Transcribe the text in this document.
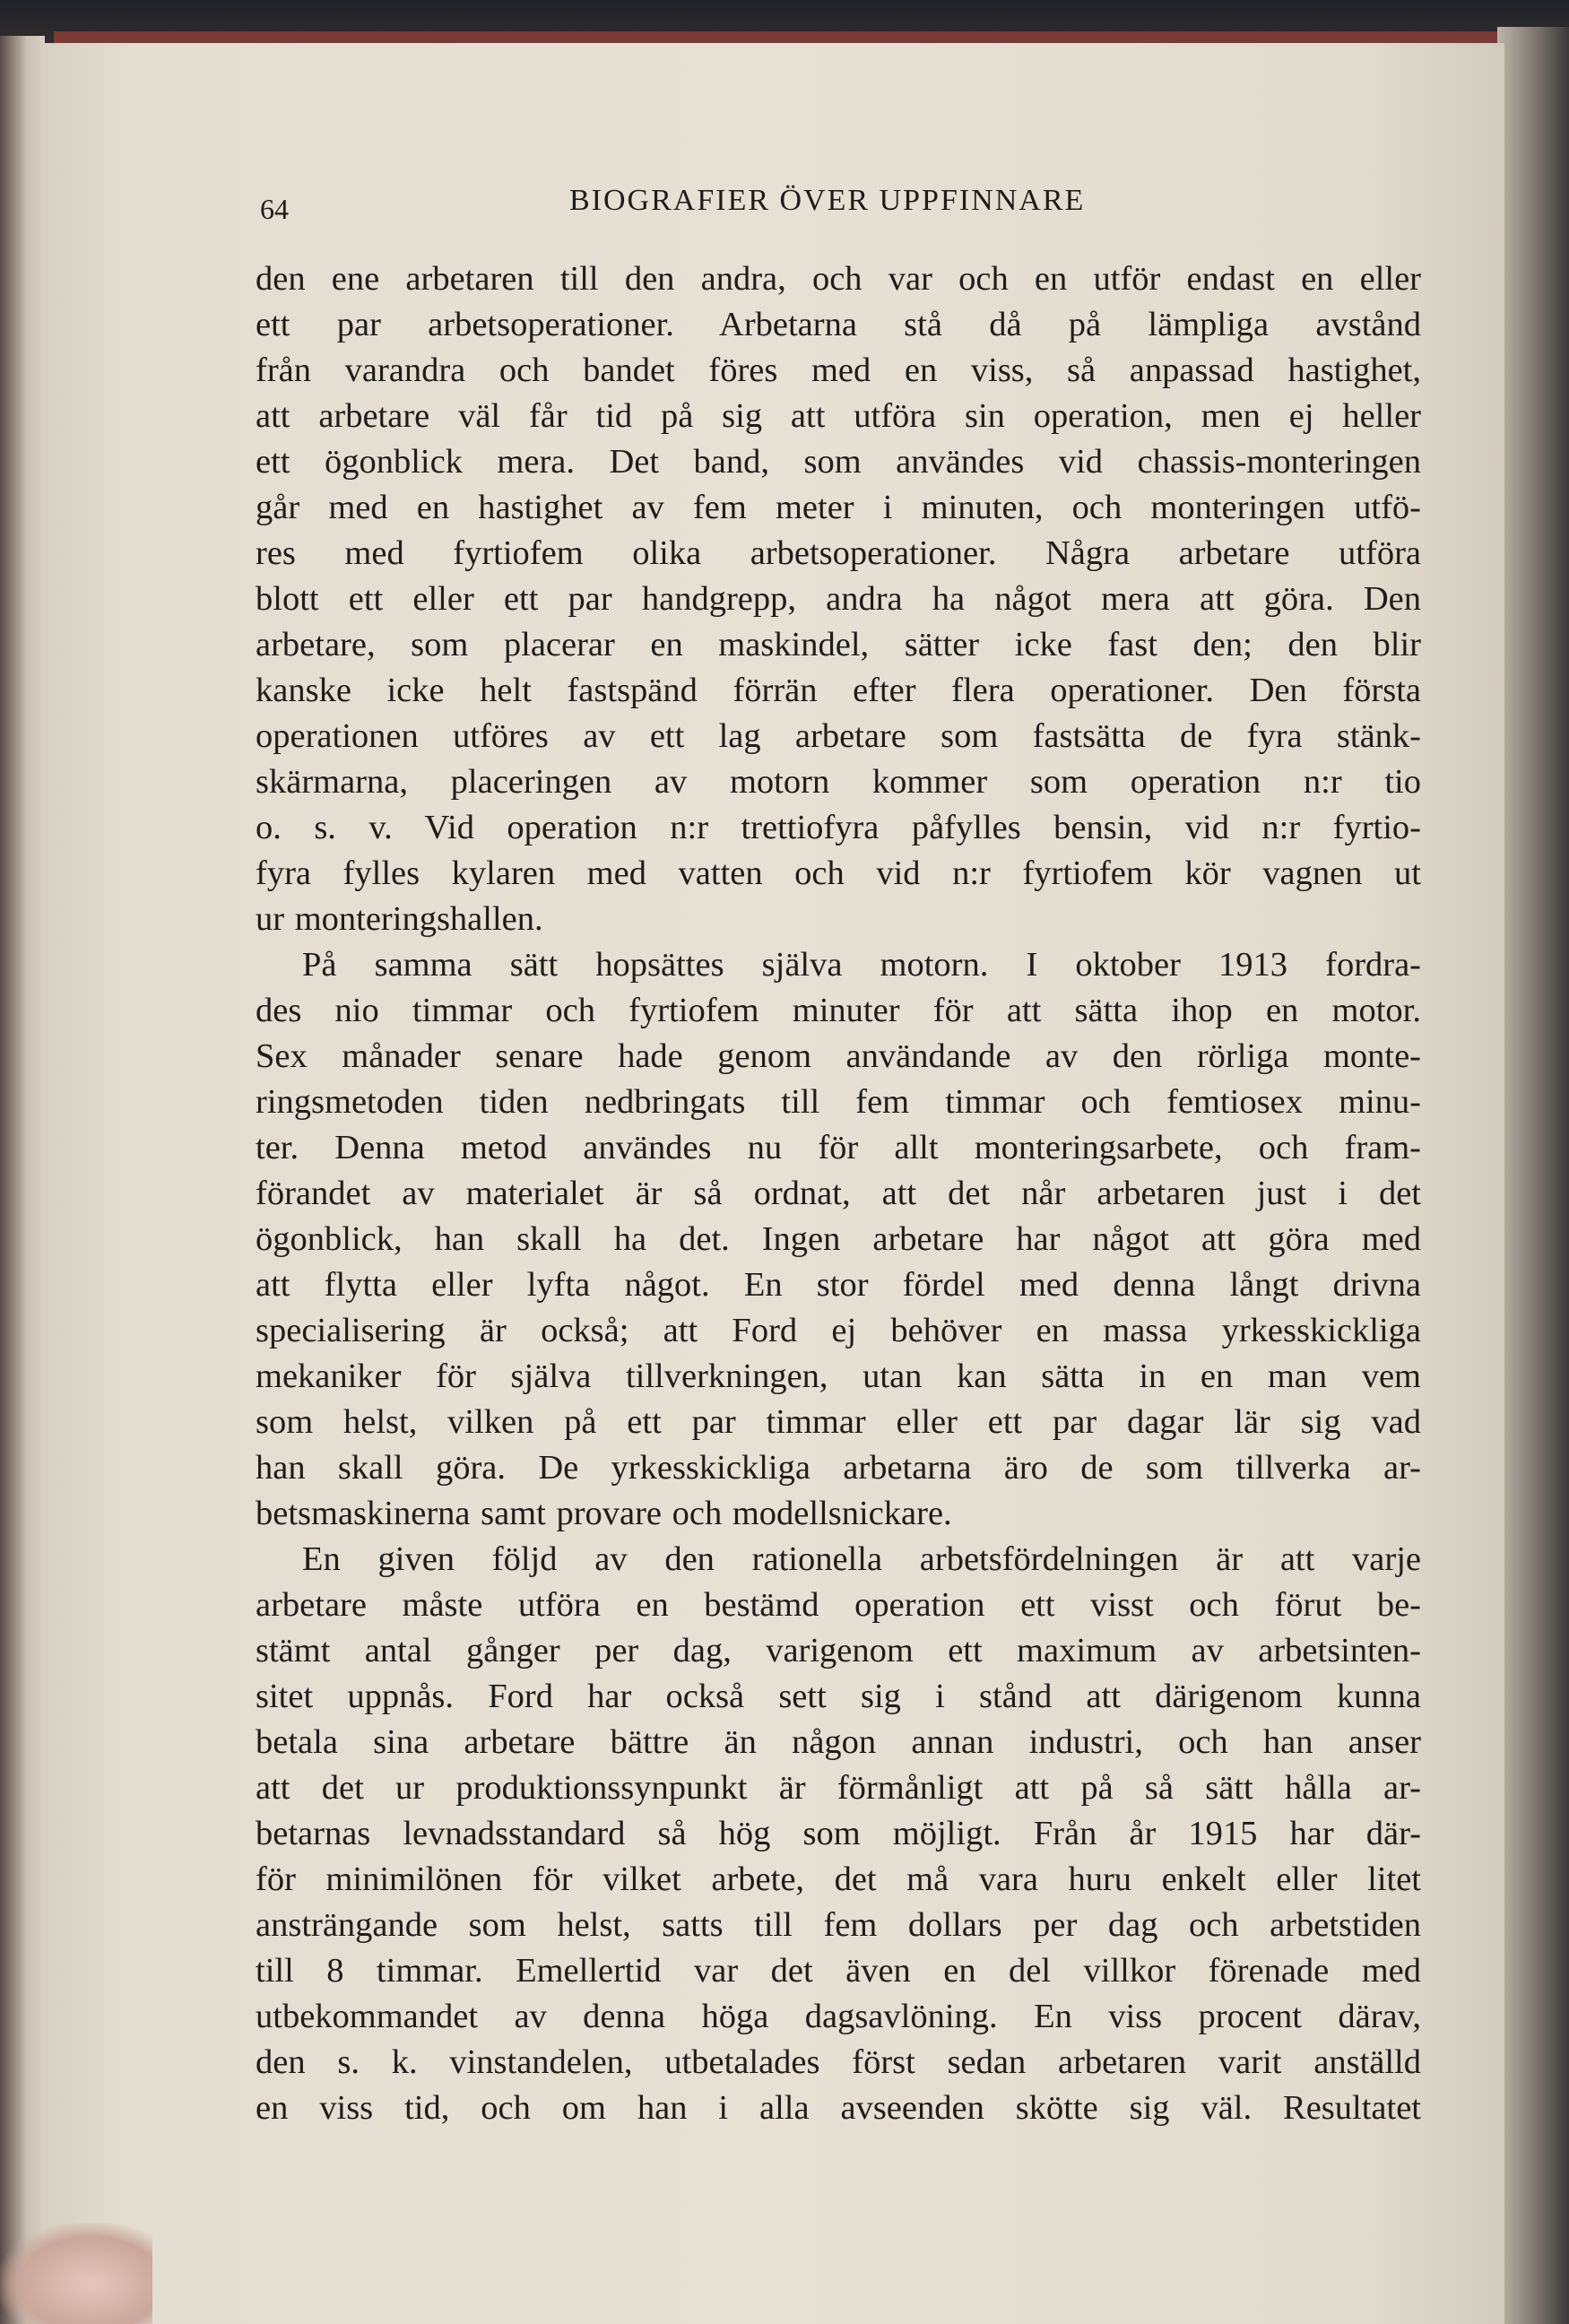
64	BIOGRAFIER ÖVER UPPFINNARE
den ene arbetaren till den andra, och var och en utför endast en eller
ett par arbetsoperationer. Arbetarna stå då på lämpliga avstånd
från varandra och bandet föres med en viss, så anpassad hastighet,
att arbetare väl får tid på sig att utföra sin operation, men ej heller
ett ögonblick mera. Det band, som användes vid chassis-monteringen
går med en hastighet av fem meter i minuten, och monteringen utfö-
res med fyrtiofem olika arbetsoperationer. Några arbetare utföra
blott ett eller ett par handgrepp, andra ha något mera att göra. Den
arbetare, som placerar en maskindel, sätter icke fast den; den blir
kanske icke helt fastspänd förrän efter flera operationer. Den första
operationen utföres av ett lag arbetare som fastsätta de fyra stänk-
skärmarna, placeringen av motorn kommer som operation n:r tio
o. s. v. Vid operation n:r trettiofyra påfylles bensin, vid n:r fyrtio-
fyra fylles kylaren med vatten och vid n:r fyrtiofem kör vagnen ut
ur monteringshallen.
På samma sätt hopsättes själva motorn. I oktober 1913 fordra-
des nio timmar och fyrtiofem minuter för att sätta ihop en motor.
Sex månader senare hade genom användande av den rörliga monte-
ringsmetoden tiden nedbringats till fem timmar och femtiosex minu-
ter. Denna metod användes nu för allt monteringsarbete, och fram-
förandet av materialet är så ordnat, att det når arbetaren just i det
ögonblick, han skall ha det. Ingen arbetare har något att göra med
att flytta eller lyfta något. En stor fördel med denna långt drivna
specialisering är också; att Ford ej behöver en massa yrkesskickliga
mekaniker för själva tillverkningen, utan kan sätta in en man vem
som helst, vilken på ett par timmar eller ett par dagar lär sig vad
han skall göra. De yrkesskickliga arbetarna äro de som tillverka ar-
betsmaskinerna samt provare och modellsnickare.
En given följd av den rationella arbetsfördelningen är att varje
arbetare måste utföra en bestämd operation ett visst och förut be-
stämt antal gånger per dag, varigenom ett maximum av arbetsinten-
sitet uppnås. Ford har också sett sig i stånd att därigenom kunna
betala sina arbetare bättre än någon annan industri, och han anser
att det ur produktionssynpunkt är förmånligt att på så sätt hålla ar-
betarnas levnadsstandard så hög som möjligt. Från år 1915 har där-
för minimilönen för vilket arbete, det må vara huru enkelt eller litet
ansträngande som helst, satts till fem dollars per dag och arbetstiden
till 8 timmar. Emellertid var det även en del villkor förenade med
utbekommandet av denna höga dagsavlöning. En viss procent därav,
den s. k. vinstandelen, utbetalades först sedan arbetaren varit anställd
en viss tid, och om han i alla avseenden skötte sig väl. Resultatet
